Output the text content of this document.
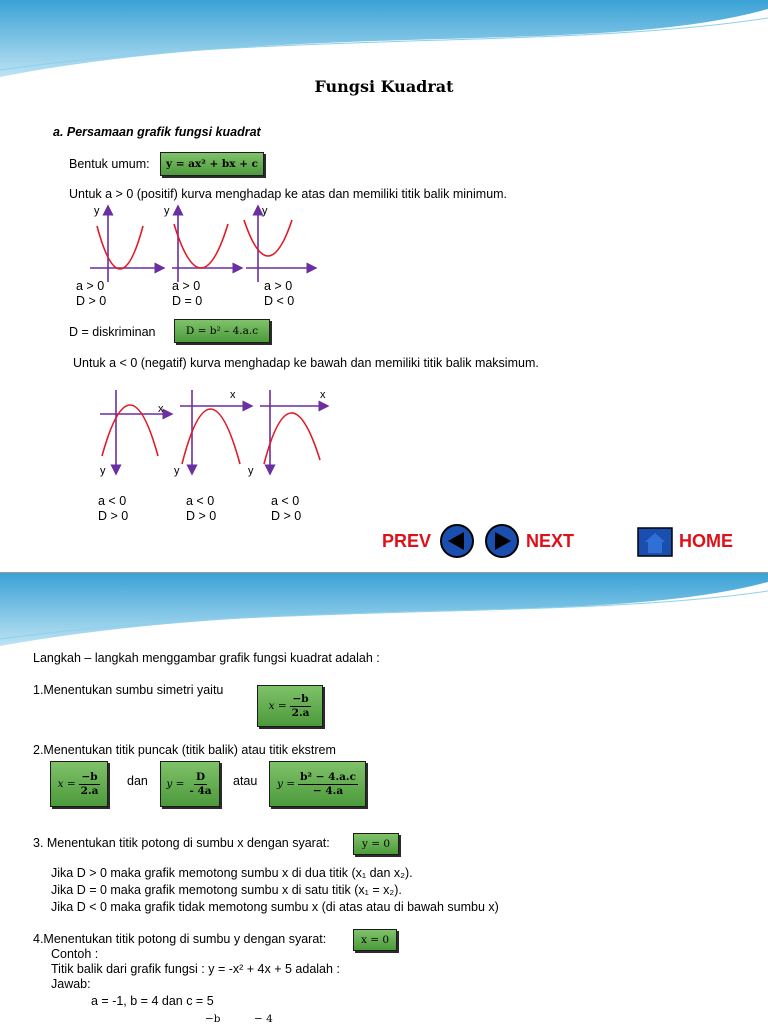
Fungsi Kuadrat
a. Persamaan grafik fungsi kuadrat
Bentuk umum:	y = ax² + bx + c
Untuk a > 0 (positif) kurva menghadap ke atas dan memiliki titik balik minimum.
y	y	y
a > 0
D > 0
a > 0
D = 0
a > 0
D < 0
D = diskriminan	D = b² – 4.a.c
Untuk a < 0 (negatif) kurva menghadap ke bawah dan memiliki titik balik maksimum.
x
y
x
y
x
y
a < 0
D > 0
a < 0
D > 0
a < 0
D > 0
PREV	NEXT	HOME
Langkah – langkah menggambar grafik fungsi kuadrat adalah :
1.Menentukan sumbu simetri yaitu
$x = \frac{-b}{2.a}$
2.Menentukan titik puncak (titik balik) atau titik ekstrem
$x = \frac{-b}{2.a}$ dan $y = \frac{D}{- 4a}$ atau $y = \frac{\text{b² − 4.a.c}}{- 4.a}$
3. Menentukan titik potong di sumbu x dengan syarat:	y = 0
Jika D > 0 maka grafik memotong sumbu x di dua titik (x₁ dan x₂).
Jika D = 0 maka grafik memotong sumbu x di satu titik (x₁ = x₂).
Jika D < 0 maka grafik tidak memotong sumbu x (di atas atau di bawah sumbu x)
4.Menentukan titik potong di sumbu y dengan syarat:	x = 0
Contoh :
Titik balik dari grafik fungsi : y = -x² + 4x + 5 adalah :
Jawab:
a = -1, b = 4 dan c = 5
−b	− 4
